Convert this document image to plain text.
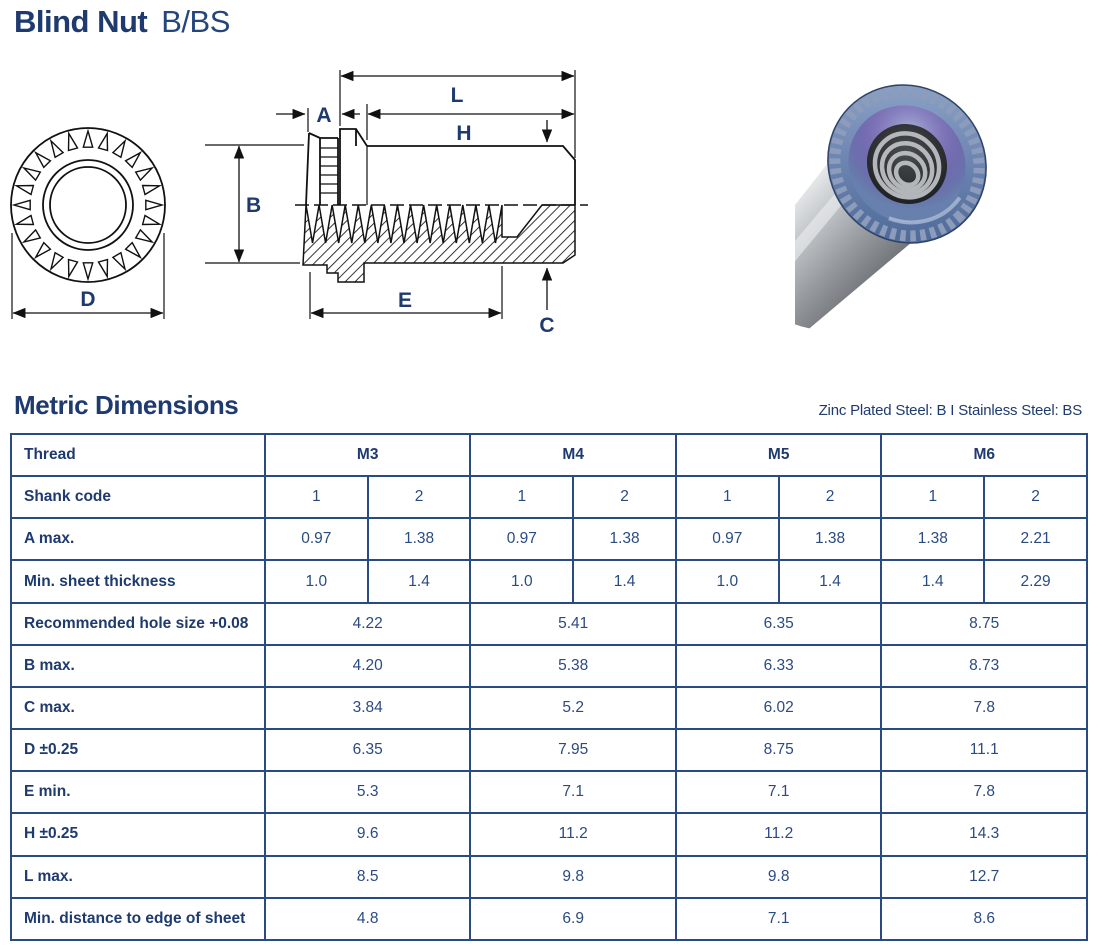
Blind Nut B/BS
D
L
H
A
B
E
C
Metric Dimensions	Zinc Plated Steel: B I Stainless Steel: BS
Thread	M3		M4		M5		M6	
Shank code	1	2	1	2	1	2	1	2
A max.	0.97	1.38	0.97	1.38	0.97	1.38	1.38	2.21
Min. sheet thickness	1.0	1.4	1.0	1.4	1.0	1.4	1.4	2.29
Recommended hole size +0.08	4.22		5.41		6.35		8.75	
B max.	4.20		5.38		6.33		8.73	
C max.	3.84		5.2		6.02		7.8	
D ±0.25	6.35		7.95		8.75		11.1	
E min.	5.3		7.1		7.1		7.8	
H ±0.25	9.6		11.2		11.2		14.3	
L max.	8.5		9.8		9.8		12.7	
Min. distance to edge of sheet	4.8		6.9		7.1		8.6	
